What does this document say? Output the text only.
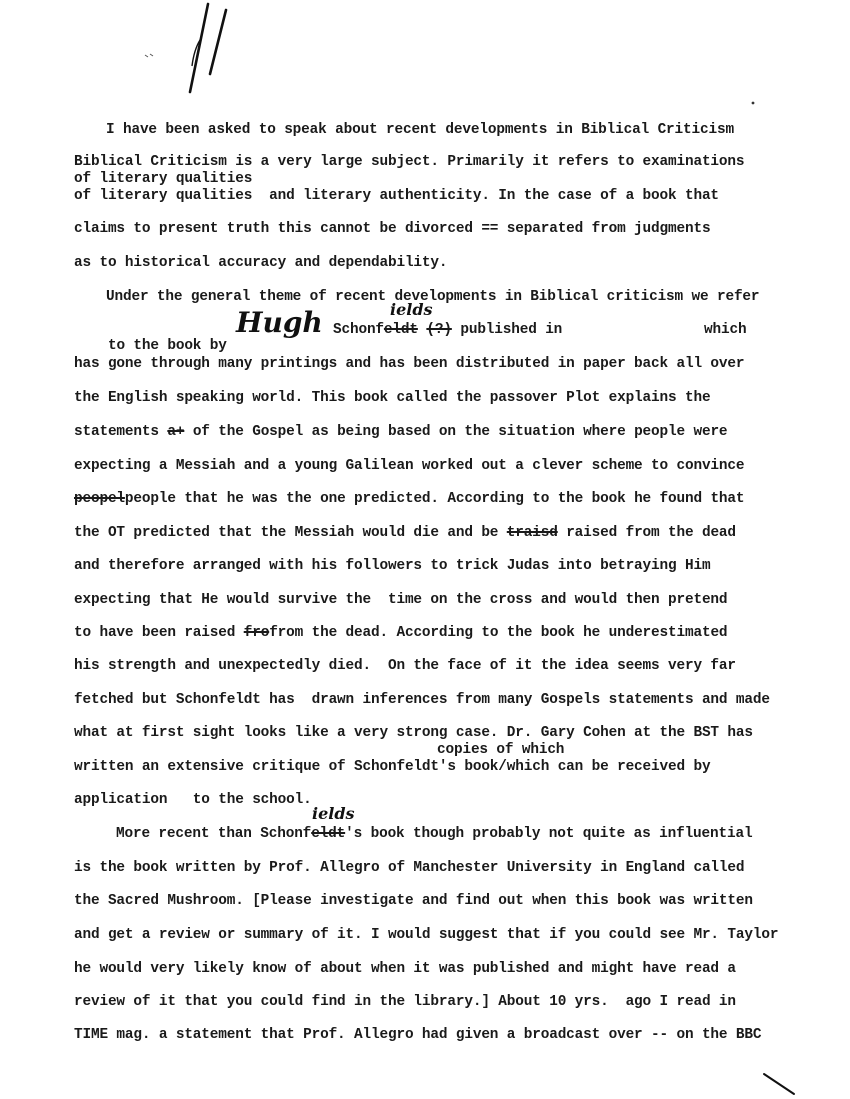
I have been asked to speak about recent developments in Biblical Criticism
Biblical Criticism is a very large subject. Primarily it refers to examinations
of literary qualities
of literary qualities  and literary authenticity. In the case of a book that
claims to present truth this cannot be divorced == separated from judgments
as to historical accuracy and dependability.
Under the general theme of recent developments in Biblical criticism we refer

to the book by

Hugh Schonfeldt (?) published in
ields
which
has gone through many printings and has been distributed in paper back all over
the English speaking world. This book called the passover Plot explains the
statements a+ of the Gospel as being based on the situation where people were
expecting a Messiah and a young Galilean worked out a clever scheme to convince
peopelpeople that he was the one predicted. According to the book he found that
the OT predicted that the Messiah would die and be traisd raised from the dead
and therefore arranged with his followers to trick Judas into betraying Him
expecting that He would survive the  time on the cross and would then pretend
to have been raised frofrom the dead. According to the book he underestimated
his strength and unexpectedly died.  On the face of it the idea seems very far
fetched but Schonfeldt has  drawn inferences from many Gospels statements and made
what at first sight looks like a very strong case. Dr. Gary Cohen at the BST has
copies of which
written an extensive critique of Schonfeldt's book/which can be received by
application   to the school.
More recent than Schonfeldt's book though probably not quite as influential
ields
is the book written by Prof. Allegro of Manchester University in England called
the Sacred Mushroom. [Please investigate and find out when this book was written
and get a review or summary of it. I would suggest that if you could see Mr. Taylor
he would very likely know of about when it was published and might have read a
review of it that you could find in the library.] About 10 yrs.  ago I read in
TIME mag. a statement that Prof. Allegro had given a broadcast over -- on the BBC
